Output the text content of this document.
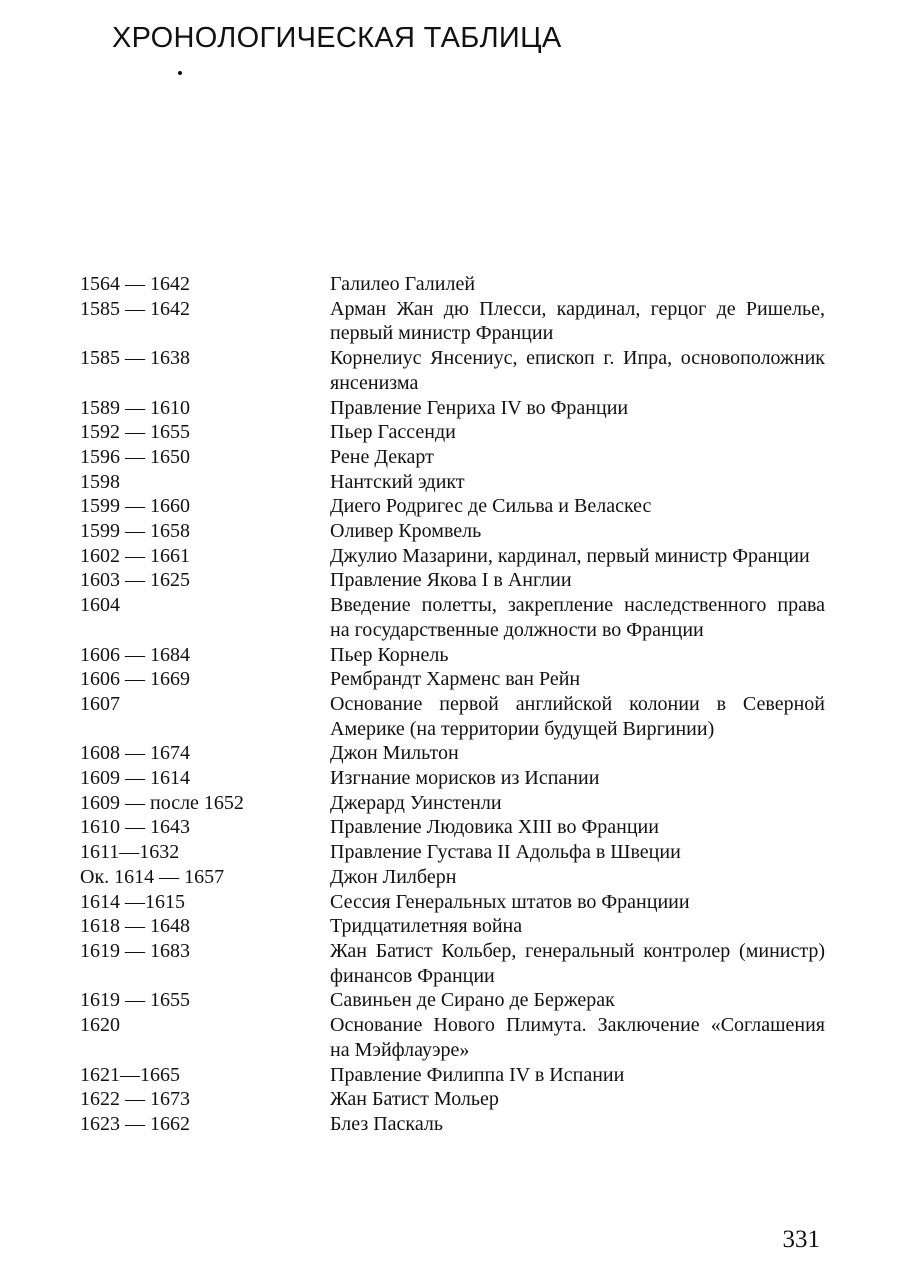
ХРОНОЛОГИЧЕСКАЯ ТАБЛИЦА
1564 — 1642	Галилео Галилей
1585 — 1642	Арман Жан дю Плесси, кардинал, герцог де Ришелье, первый министр Франции
1585 — 1638	Корнелиус Янсениус, епископ г. Ипра, основоположник янсенизма
1589 — 1610	Правление Генриха IV во Франции
1592 — 1655	Пьер Гассенди
1596 — 1650	Рене Декарт
1598	Нантский эдикт
1599 — 1660	Диего Родригес де Сильва и Веласкес
1599 — 1658	Оливер Кромвель
1602 — 1661	Джулио Мазарини, кардинал, первый министр Франции
1603 — 1625	Правление Якова I в Англии
1604	Введение полетты, закрепление наследственного права на государственные должности во Франции
1606 — 1684	Пьер Корнель
1606 — 1669	Рембрандт Харменс ван Рейн
1607	Основание первой английской колонии в Северной Америке (на территории будущей Виргинии)
1608 — 1674	Джон Мильтон
1609 — 1614	Изгнание морисков из Испании
1609 — после 1652	Джерард Уинстенли
1610 — 1643	Правление Людовика XIII во Франции
1611—1632	Правление Густава II Адольфа в Швеции
Ок. 1614 — 1657	Джон Лилберн
1614 —1615	Сессия Генеральных штатов во Франциии
1618 — 1648	Тридцатилетняя война
1619 — 1683	Жан Батист Кольбер, генеральный контролер (министр) финансов Франции
1619 — 1655	Савиньен де Сирано де Бержерак
1620	Основание Нового Плимута. Заключение «Соглашения на Мэйфлауэре»
1621—1665	Правление Филиппа IV в Испании
1622 — 1673	Жан Батист Мольер
1623 — 1662	Блез Паскаль
331
